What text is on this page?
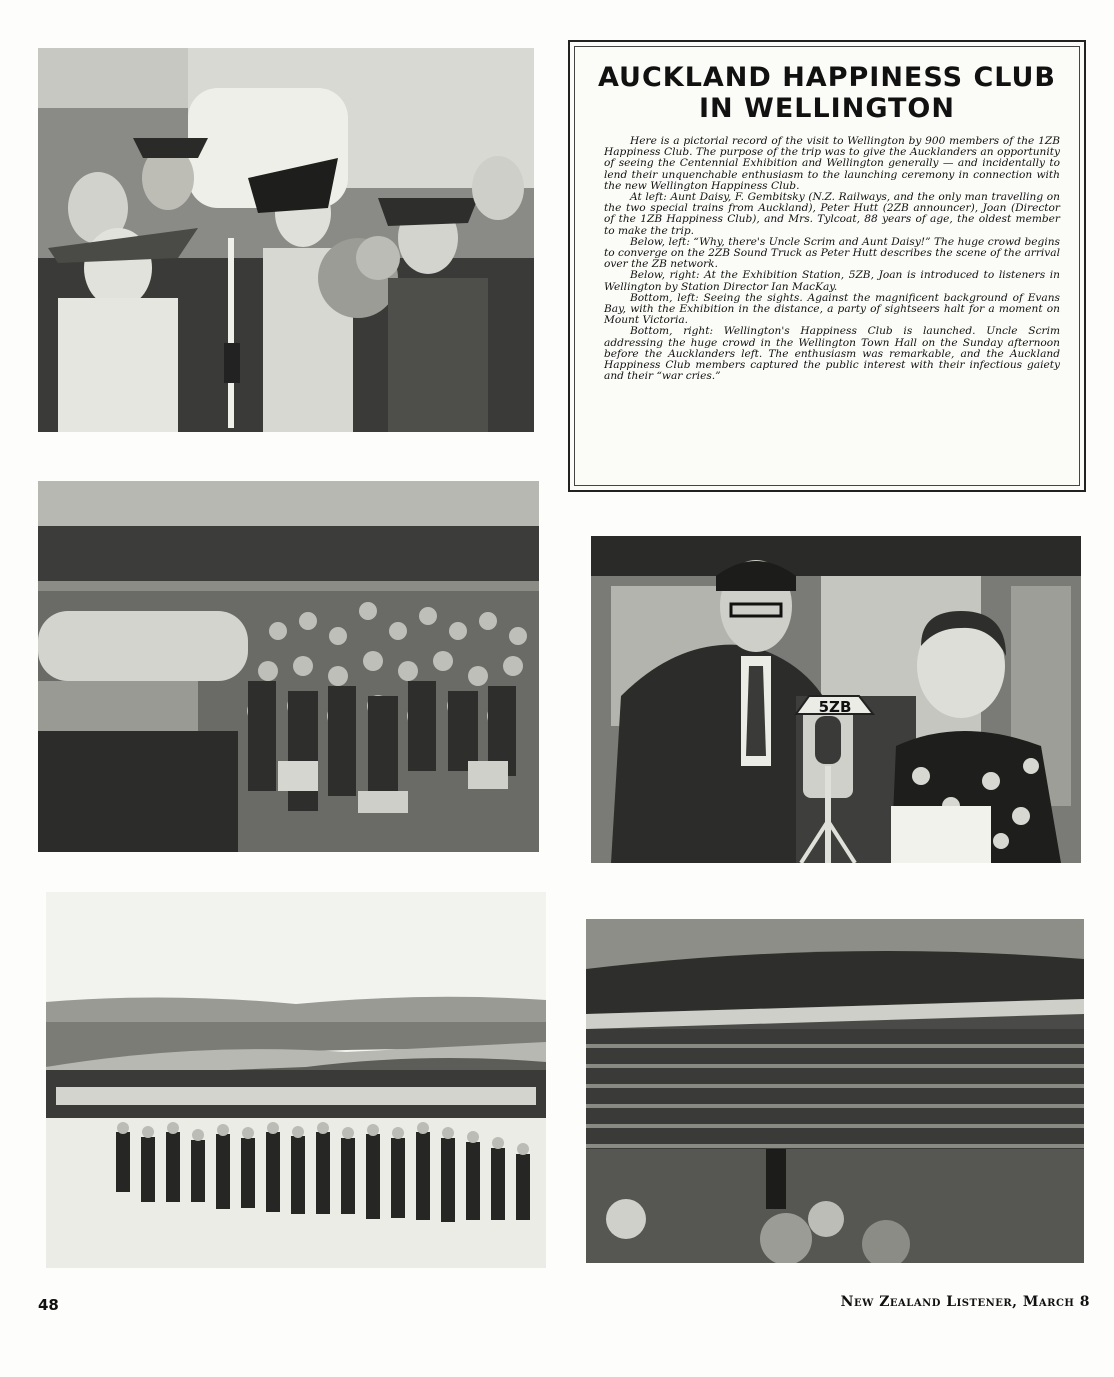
AUCKLAND HAPPINESS CLUB
IN WELLINGTON

Here is a pictorial record of the visit to Wellington by 900 members of the 1ZB Happiness Club. The purpose of the trip was to give the Aucklanders an opportunity of seeing the Centennial Exhibition and Wellington generally — and incidentally to lend their unquenchable enthusiasm to the launching ceremony in connection with the new Wellington Happiness Club.

At left: Aunt Daisy, F. Gembitsky (N.Z. Railways, and the only man travelling on the two special trains from Auckland), Peter Hutt (2ZB announcer), Joan (Director of the 1ZB Happiness Club), and Mrs. Tylcoat, 88 years of age, the oldest member to make the trip.

Below, left: “Why, there's Uncle Scrim and Aunt Daisy!” The huge crowd begins to converge on the 2ZB Sound Truck as Peter Hutt describes the scene of the arrival over the ZB network.

Below, right: At the Exhibition Station, 5ZB, Joan is introduced to listeners in Wellington by Station Director Ian MacKay.

Bottom, left: Seeing the sights. Against the magnificent background of Evans Bay, with the Exhibition in the distance, a party of sightseers halt for a moment on Mount Victoria.

Bottom, right: Wellington's Happiness Club is launched. Uncle Scrim addressing the huge crowd in the Wellington Town Hall on the Sunday afternoon before the Aucklanders left. The enthusiasm was remarkable, and the Auckland Happiness Club members captured the public interest with their infectious gaiety and their “war cries.”

5ZB
48	New Zealand Listener, March 8
